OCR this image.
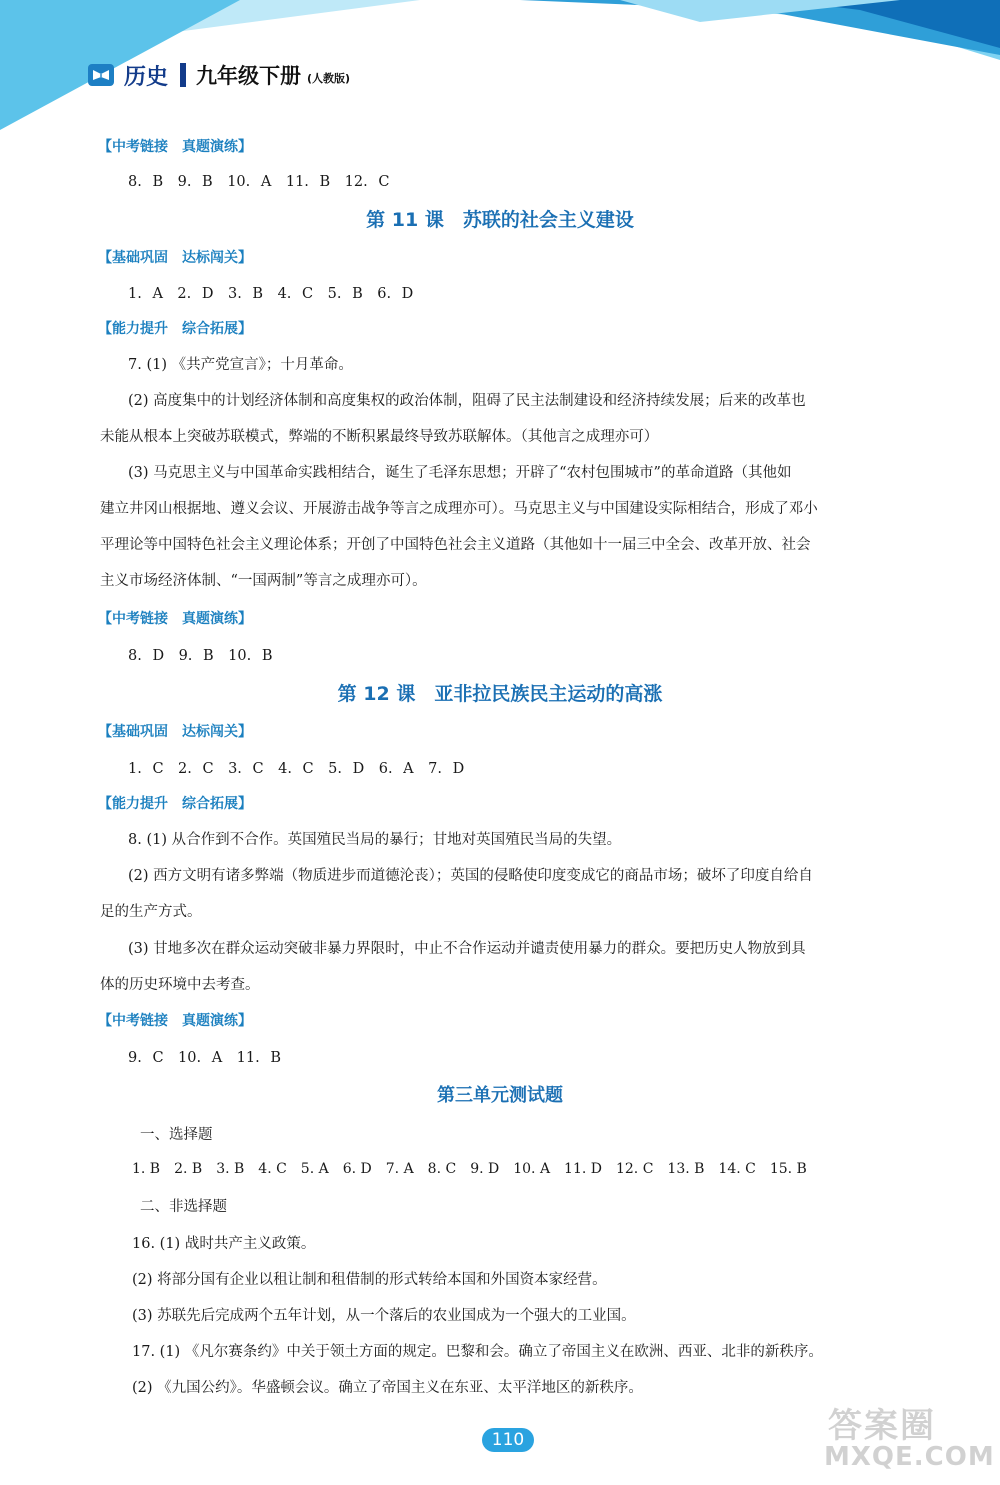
历史 九年级下册 (人教版)
【中考链接　真题演练】
8. B　9. B　10. A　11. B　12. C
第 11 课　苏联的社会主义建设
【基础巩固　达标闯关】
1. A　2. D　3. B　4. C　5. B　6. D
【能力提升　综合拓展】
7. (1) 《共产党宣言》；十月革命。
(2) 高度集中的计划经济体制和高度集权的政治体制，阻碍了民主法制建设和经济持续发展；后来的改革也
未能从根本上突破苏联模式，弊端的不断积累最终导致苏联解体。（其他言之成理亦可）
(3) 马克思主义与中国革命实践相结合，诞生了毛泽东思想；开辟了“农村包围城市”的革命道路（其他如
建立井冈山根据地、遵义会议、开展游击战争等言之成理亦可）。马克思主义与中国建设实际相结合，形成了邓小
平理论等中国特色社会主义理论体系；开创了中国特色社会主义道路（其他如十一届三中全会、改革开放、社会
主义市场经济体制、“一国两制”等言之成理亦可）。
【中考链接　真题演练】
8. D　9. B　10. B
第 12 课　亚非拉民族民主运动的高涨
【基础巩固　达标闯关】
1. C　2. C　3. C　4. C　5. D　6. A　7. D
【能力提升　综合拓展】
8. (1) 从合作到不合作。英国殖民当局的暴行；甘地对英国殖民当局的失望。
(2) 西方文明有诸多弊端（物质进步而道德沦丧）；英国的侵略使印度变成它的商品市场；破坏了印度自给自
足的生产方式。
(3) 甘地多次在群众运动突破非暴力界限时，中止不合作运动并谴责使用暴力的群众。要把历史人物放到具
体的历史环境中去考查。
【中考链接　真题演练】
9. C　10. A　11. B
第三单元测试题
一、选择题
1. B　2. B　3. B　4. C　5. A　6. D　7. A　8. C　9. D　10. A　11. D　12. C　13. B　14. C　15. B
二、非选择题
16. (1) 战时共产主义政策。
(2) 将部分国有企业以租让制和租借制的形式转给本国和外国资本家经营。
(3) 苏联先后完成两个五年计划，从一个落后的农业国成为一个强大的工业国。
17. (1) 《凡尔赛条约》中关于领土方面的规定。巴黎和会。确立了帝国主义在欧洲、西亚、北非的新秩序。
(2) 《九国公约》。华盛顿会议。确立了帝国主义在东亚、太平洋地区的新秩序。
110	答案圈
MXQE.COM
